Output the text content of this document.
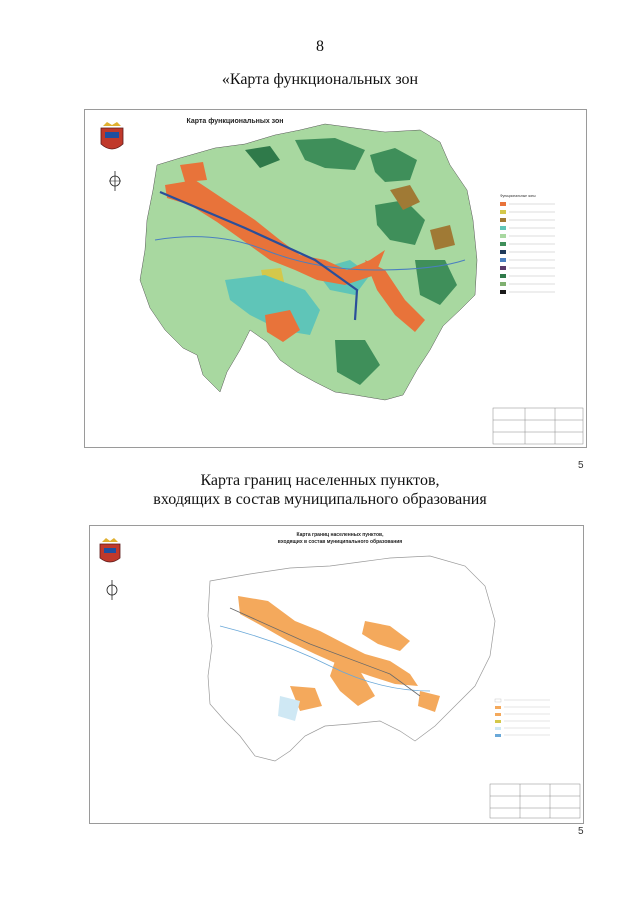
8
«Карта функциональных зон
Карта функциональных зон
Функциональные зоны
5
Карта границ населенных пунктов,
входящих в состав муниципального образования
Карта границ населенных пунктов,
входящих в состав муниципального образования
5
